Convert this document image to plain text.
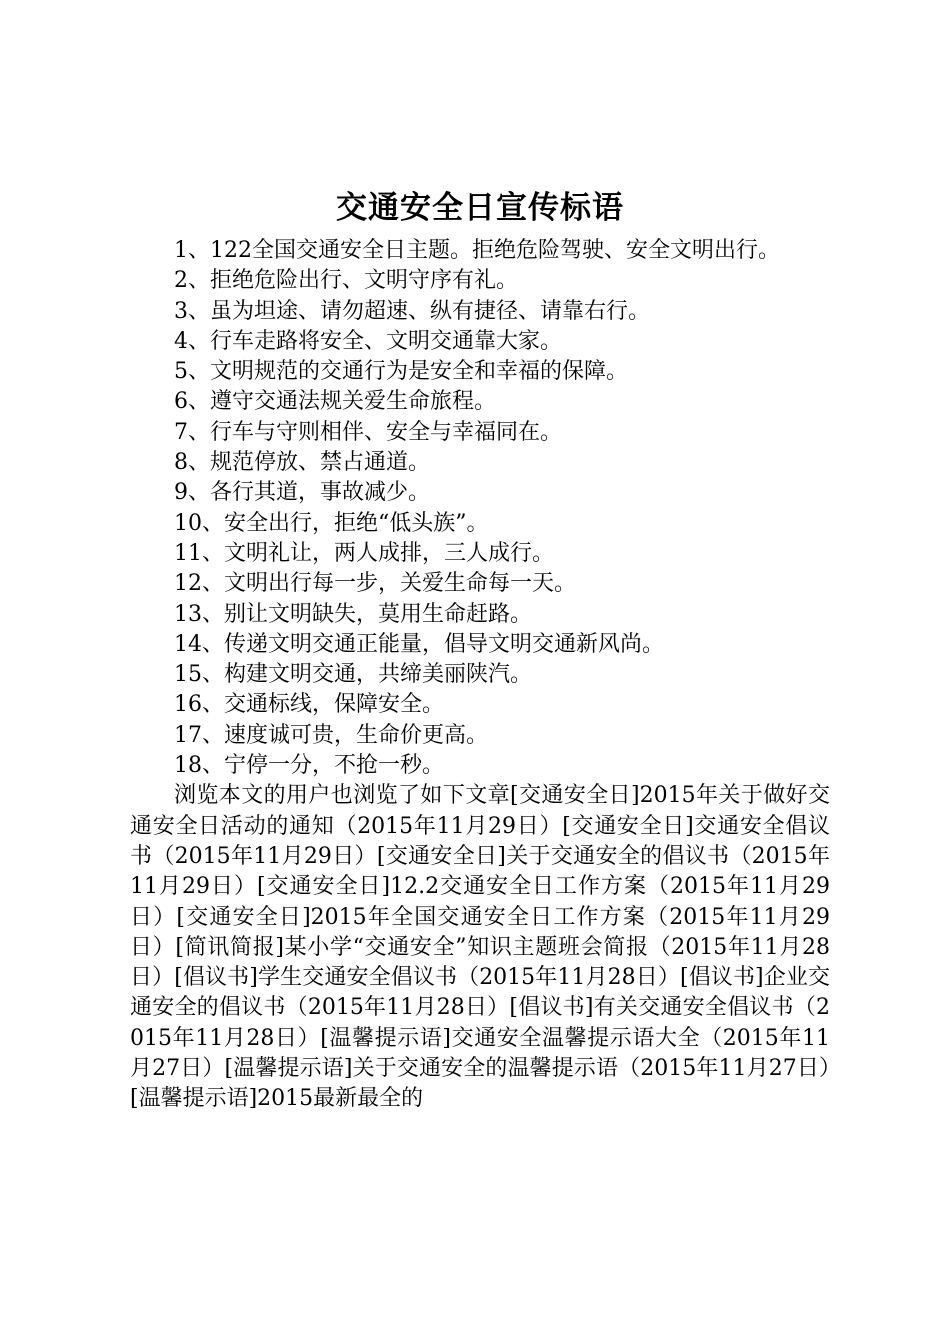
交通安全日宣传标语

1、122全国交通安全日主题。拒绝危险驾驶、安全文明出行。

2、拒绝危险出行、文明守序有礼。

3、虽为坦途、请勿超速、纵有捷径、请靠右行。

4、行车走路将安全、文明交通靠大家。

5、文明规范的交通行为是安全和幸福的保障。

6、遵守交通法规关爱生命旅程。

7、行车与守则相伴、安全与幸福同在。

8、规范停放、禁占通道。

9、各行其道，事故减少。

10、安全出行，拒绝“低头族”。

11、文明礼让，两人成排，三人成行。

12、文明出行每一步，关爱生命每一天。

13、别让文明缺失，莫用生命赶路。

14、传递文明交通正能量，倡导文明交通新风尚。

15、构建文明交通，共缔美丽陕汽。

16、交通标线，保障安全。

17、速度诚可贵，生命价更高。

18、宁停一分，不抢一秒。

浏览本文的用户也浏览了如下文章[交通安全日]2015年关于做好交通安全日活动的通知（2015年11月29日）[交通安全日]交通安全倡议书（2015年11月29日）[交通安全日]关于交通安全的倡议书（2015年11月29日）[交通安全日]12.2交通安全日工作方案（2015年11月29日）[交通安全日]2015年全国交通安全日工作方案（2015年11月29日）[简讯简报]某小学“交通安全”知识主题班会简报（2015年11月28日）[倡议书]学生交通安全倡议书（2015年11月28日）[倡议书]企业交通安全的倡议书（2015年11月28日）[倡议书]有关交通安全倡议书（2015年11月28日）[温馨提示语]交通安全温馨提示语大全（2015年11月27日）[温馨提示语]关于交通安全的温馨提示语（2015年11月27日）[温馨提示语]2015最新最全的
